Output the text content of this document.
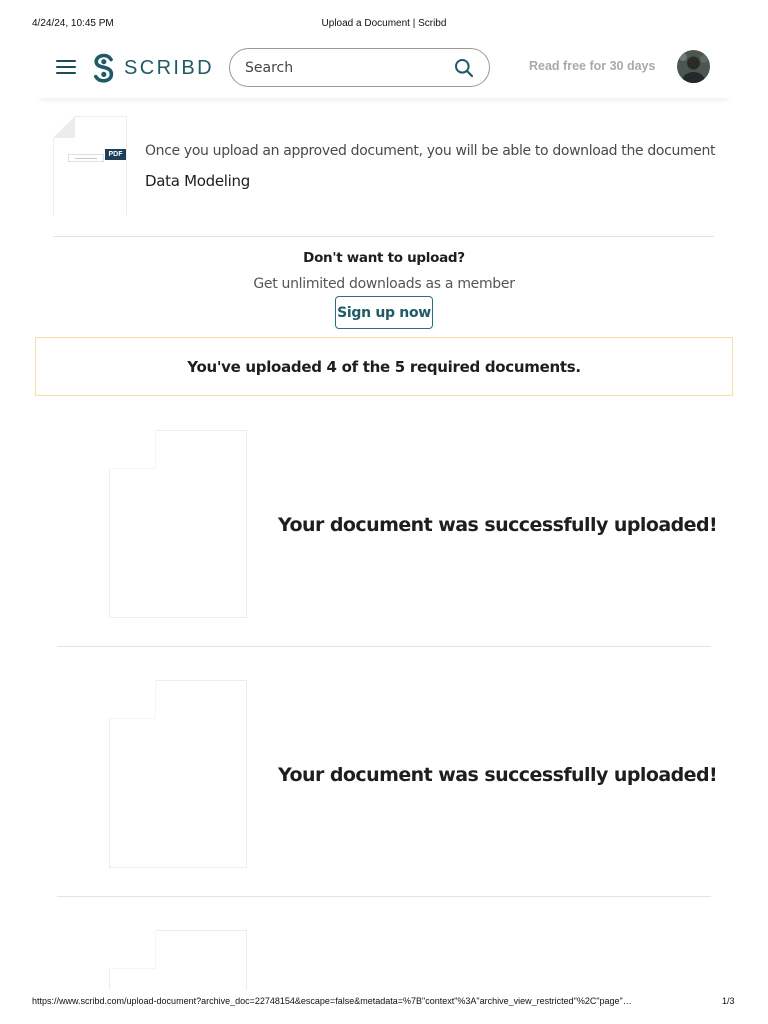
4/24/24, 10:45 PM	Upload a Document | Scribd
SCRIBD
Search	Read free for 30 days
PDF Once you upload an approved document, you will be able to download the document
Data Modeling
Don't want to upload?
Get unlimited downloads as a member
Sign up now
You've uploaded 4 of the 5 required documents.
Your document was successfully uploaded!
Your document was successfully uploaded!
https://www.scribd.com/upload-document?archive_doc=22748154&escape=false&metadata=%7B"context"%3A"archive_view_restricted"%2C"page"…	1/3
